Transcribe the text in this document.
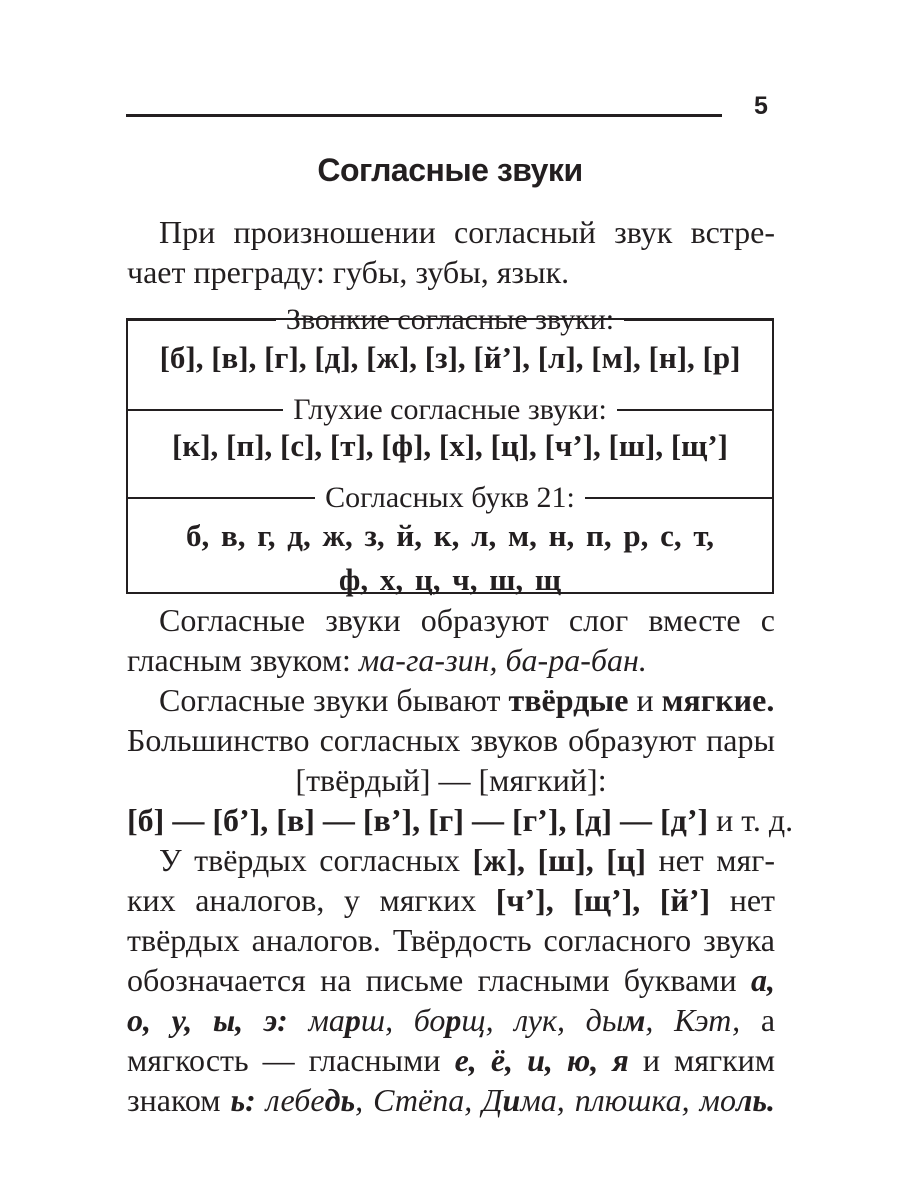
5
Согласные звуки
При произношении согласный звук встре-
чает преграду: губы, зубы, язык.
Звонкие согласные звуки:
[б], [в], [г], [д], [ж], [з], [й’], [л], [м], [н], [р]
Глухие согласные звуки:
[к], [п], [с], [т], [ф], [х], [ц], [ч’], [ш], [щ’]
Согласных букв 21:
б, в, г, д, ж, з, й, к, л, м, н, п, р, с, т,
ф, х, ц, ч, ш, щ
Согласные звуки образуют слог вместе с
гласным звуком: ма-га-зин, ба-ра-бан.
Согласные звуки бывают твёрдые и мягкие.
Большинство согласных звуков образуют пары
[твёрдый] — [мягкий]:
[б] — [б’], [в] — [в’], [г] — [г’], [д] — [д’] и т. д.
У твёрдых согласных [ж], [ш], [ц] нет мяг-
ких аналогов, у мягких [ч’], [щ’], [й’] нет
твёрдых аналогов. Твёрдость согласного звука
обозначается на письме гласными буквами а,
о, у, ы, э: марш, борщ, лук, дым, Кэт, а
мягкость — гласными е, ё, и, ю, я и мягким
знаком ь: лебедь, Стёпа, Дима, плюшка, моль.
